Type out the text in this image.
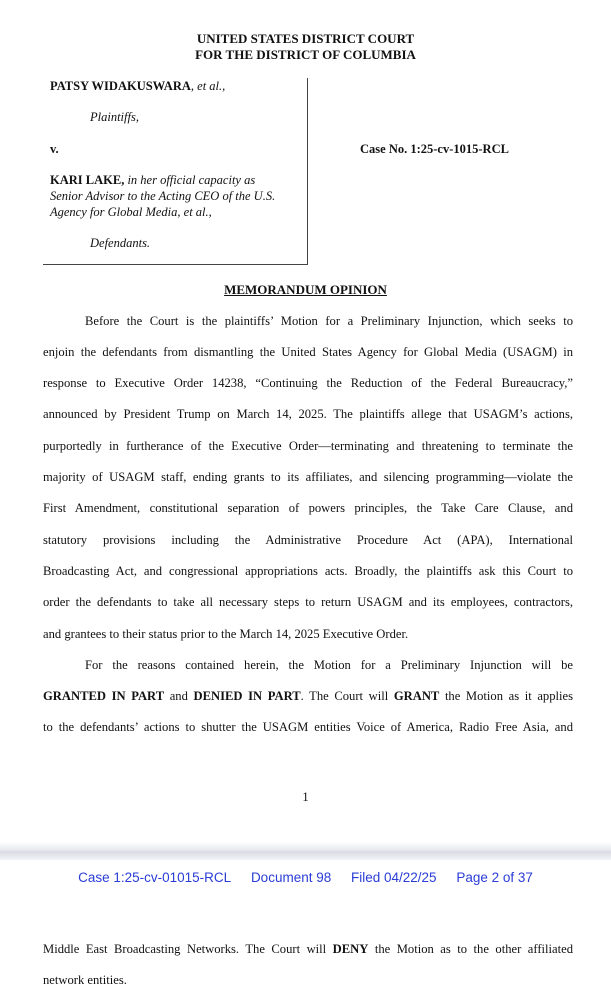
UNITED STATES DISTRICT COURT
FOR THE DISTRICT OF COLUMBIA
PATSY WIDAKUSWARA, et al.,
Plaintiffs,
v.
KARI LAKE, in her official capacity as
Senior Advisor to the Acting CEO of the U.S.
Agency for Global Media, et al.,
Defendants.
Case No. 1:25-cv-1015-RCL
MEMORANDUM OPINION
Before the Court is the plaintiffs’ Motion for a Preliminary Injunction, which seeks to
enjoin the defendants from dismantling the United States Agency for Global Media (USAGM) in
response to Executive Order 14238, “Continuing the Reduction of the Federal Bureaucracy,”
announced by President Trump on March 14, 2025. The plaintiffs allege that USAGM’s actions,
purportedly in furtherance of the Executive Order—terminating and threatening to terminate the
majority of USAGM staff, ending grants to its affiliates, and silencing programming—violate the
First Amendment, constitutional separation of powers principles, the Take Care Clause, and
statutory provisions including the Administrative Procedure Act (APA), International
Broadcasting Act, and congressional appropriations acts. Broadly, the plaintiffs ask this Court to
order the defendants to take all necessary steps to return USAGM and its employees, contractors,
and grantees to their status prior to the March 14, 2025 Executive Order.
For the reasons contained herein, the Motion for a Preliminary Injunction will be
GRANTED IN PART and DENIED IN PART. The Court will GRANT the Motion as it applies
to the defendants’ actions to shutter the USAGM entities Voice of America, Radio Free Asia, and
1
Case 1:25-cv-01015-RCL Document 98 Filed 04/22/25 Page 2 of 37
Middle East Broadcasting Networks. The Court will DENY the Motion as to the other affiliated
network entities.
